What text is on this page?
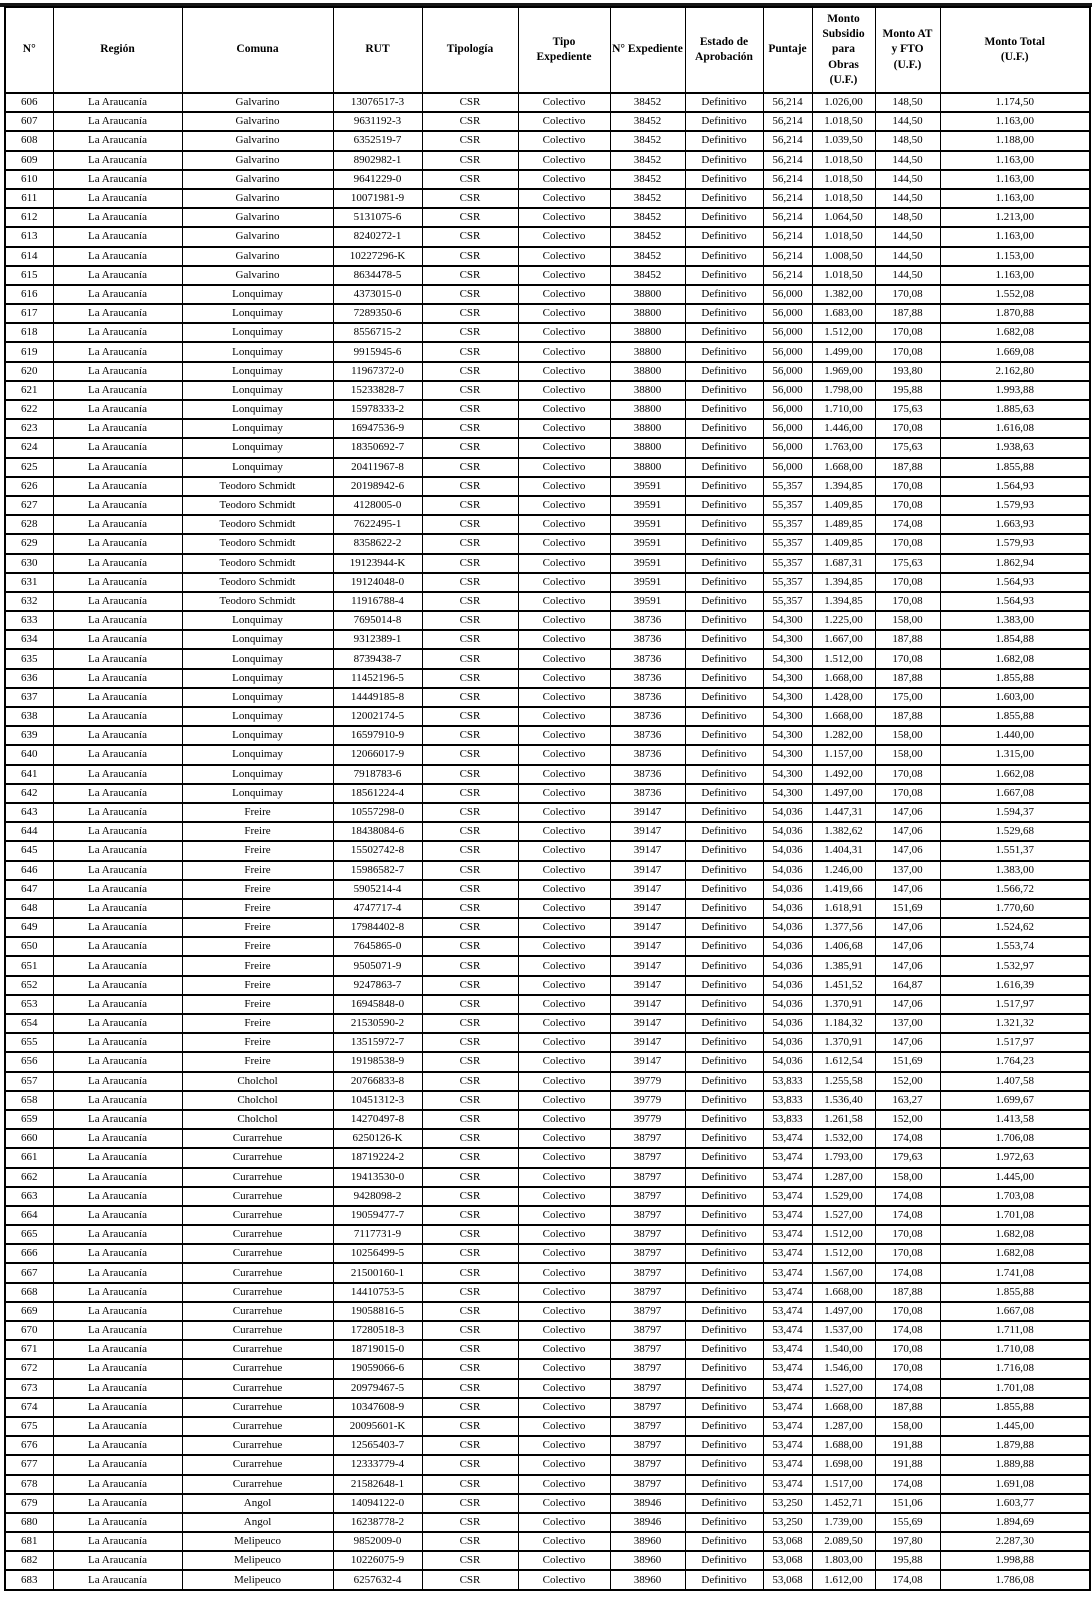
N°	Región	Comuna	RUT	Tipología	Tipo Expediente	N° Expediente	Estado de Aprobación	Puntaje	Monto Subsidio para Obras (U.F.)	Monto AT y FTO (U.F.)	Monto Total (U.F.)
606	La Araucanía	Galvarino	13076517-3	CSR	Colectivo	38452	Definitivo	56,214	1.026,00	148,50	1.174,50
607	La Araucanía	Galvarino	9631192-3	CSR	Colectivo	38452	Definitivo	56,214	1.018,50	144,50	1.163,00
608	La Araucanía	Galvarino	6352519-7	CSR	Colectivo	38452	Definitivo	56,214	1.039,50	148,50	1.188,00
609	La Araucanía	Galvarino	8902982-1	CSR	Colectivo	38452	Definitivo	56,214	1.018,50	144,50	1.163,00
610	La Araucanía	Galvarino	9641229-0	CSR	Colectivo	38452	Definitivo	56,214	1.018,50	144,50	1.163,00
611	La Araucanía	Galvarino	10071981-9	CSR	Colectivo	38452	Definitivo	56,214	1.018,50	144,50	1.163,00
612	La Araucanía	Galvarino	5131075-6	CSR	Colectivo	38452	Definitivo	56,214	1.064,50	148,50	1.213,00
613	La Araucanía	Galvarino	8240272-1	CSR	Colectivo	38452	Definitivo	56,214	1.018,50	144,50	1.163,00
614	La Araucanía	Galvarino	10227296-K	CSR	Colectivo	38452	Definitivo	56,214	1.008,50	144,50	1.153,00
615	La Araucanía	Galvarino	8634478-5	CSR	Colectivo	38452	Definitivo	56,214	1.018,50	144,50	1.163,00
616	La Araucanía	Lonquimay	4373015-0	CSR	Colectivo	38800	Definitivo	56,000	1.382,00	170,08	1.552,08
617	La Araucanía	Lonquimay	7289350-6	CSR	Colectivo	38800	Definitivo	56,000	1.683,00	187,88	1.870,88
618	La Araucanía	Lonquimay	8556715-2	CSR	Colectivo	38800	Definitivo	56,000	1.512,00	170,08	1.682,08
619	La Araucanía	Lonquimay	9915945-6	CSR	Colectivo	38800	Definitivo	56,000	1.499,00	170,08	1.669,08
620	La Araucanía	Lonquimay	11967372-0	CSR	Colectivo	38800	Definitivo	56,000	1.969,00	193,80	2.162,80
621	La Araucanía	Lonquimay	15233828-7	CSR	Colectivo	38800	Definitivo	56,000	1.798,00	195,88	1.993,88
622	La Araucanía	Lonquimay	15978333-2	CSR	Colectivo	38800	Definitivo	56,000	1.710,00	175,63	1.885,63
623	La Araucanía	Lonquimay	16947536-9	CSR	Colectivo	38800	Definitivo	56,000	1.446,00	170,08	1.616,08
624	La Araucanía	Lonquimay	18350692-7	CSR	Colectivo	38800	Definitivo	56,000	1.763,00	175,63	1.938,63
625	La Araucanía	Lonquimay	20411967-8	CSR	Colectivo	38800	Definitivo	56,000	1.668,00	187,88	1.855,88
626	La Araucanía	Teodoro Schmidt	20198942-6	CSR	Colectivo	39591	Definitivo	55,357	1.394,85	170,08	1.564,93
627	La Araucanía	Teodoro Schmidt	4128005-0	CSR	Colectivo	39591	Definitivo	55,357	1.409,85	170,08	1.579,93
628	La Araucanía	Teodoro Schmidt	7622495-1	CSR	Colectivo	39591	Definitivo	55,357	1.489,85	174,08	1.663,93
629	La Araucanía	Teodoro Schmidt	8358622-2	CSR	Colectivo	39591	Definitivo	55,357	1.409,85	170,08	1.579,93
630	La Araucanía	Teodoro Schmidt	19123944-K	CSR	Colectivo	39591	Definitivo	55,357	1.687,31	175,63	1.862,94
631	La Araucanía	Teodoro Schmidt	19124048-0	CSR	Colectivo	39591	Definitivo	55,357	1.394,85	170,08	1.564,93
632	La Araucanía	Teodoro Schmidt	11916788-4	CSR	Colectivo	39591	Definitivo	55,357	1.394,85	170,08	1.564,93
633	La Araucanía	Lonquimay	7695014-8	CSR	Colectivo	38736	Definitivo	54,300	1.225,00	158,00	1.383,00
634	La Araucanía	Lonquimay	9312389-1	CSR	Colectivo	38736	Definitivo	54,300	1.667,00	187,88	1.854,88
635	La Araucanía	Lonquimay	8739438-7	CSR	Colectivo	38736	Definitivo	54,300	1.512,00	170,08	1.682,08
636	La Araucanía	Lonquimay	11452196-5	CSR	Colectivo	38736	Definitivo	54,300	1.668,00	187,88	1.855,88
637	La Araucanía	Lonquimay	14449185-8	CSR	Colectivo	38736	Definitivo	54,300	1.428,00	175,00	1.603,00
638	La Araucanía	Lonquimay	12002174-5	CSR	Colectivo	38736	Definitivo	54,300	1.668,00	187,88	1.855,88
639	La Araucanía	Lonquimay	16597910-9	CSR	Colectivo	38736	Definitivo	54,300	1.282,00	158,00	1.440,00
640	La Araucanía	Lonquimay	12066017-9	CSR	Colectivo	38736	Definitivo	54,300	1.157,00	158,00	1.315,00
641	La Araucanía	Lonquimay	7918783-6	CSR	Colectivo	38736	Definitivo	54,300	1.492,00	170,08	1.662,08
642	La Araucanía	Lonquimay	18561224-4	CSR	Colectivo	38736	Definitivo	54,300	1.497,00	170,08	1.667,08
643	La Araucanía	Freire	10557298-0	CSR	Colectivo	39147	Definitivo	54,036	1.447,31	147,06	1.594,37
644	La Araucanía	Freire	18438084-6	CSR	Colectivo	39147	Definitivo	54,036	1.382,62	147,06	1.529,68
645	La Araucanía	Freire	15502742-8	CSR	Colectivo	39147	Definitivo	54,036	1.404,31	147,06	1.551,37
646	La Araucanía	Freire	15986582-7	CSR	Colectivo	39147	Definitivo	54,036	1.246,00	137,00	1.383,00
647	La Araucanía	Freire	5905214-4	CSR	Colectivo	39147	Definitivo	54,036	1.419,66	147,06	1.566,72
648	La Araucanía	Freire	4747717-4	CSR	Colectivo	39147	Definitivo	54,036	1.618,91	151,69	1.770,60
649	La Araucanía	Freire	17984402-8	CSR	Colectivo	39147	Definitivo	54,036	1.377,56	147,06	1.524,62
650	La Araucanía	Freire	7645865-0	CSR	Colectivo	39147	Definitivo	54,036	1.406,68	147,06	1.553,74
651	La Araucanía	Freire	9505071-9	CSR	Colectivo	39147	Definitivo	54,036	1.385,91	147,06	1.532,97
652	La Araucanía	Freire	9247863-7	CSR	Colectivo	39147	Definitivo	54,036	1.451,52	164,87	1.616,39
653	La Araucanía	Freire	16945848-0	CSR	Colectivo	39147	Definitivo	54,036	1.370,91	147,06	1.517,97
654	La Araucanía	Freire	21530590-2	CSR	Colectivo	39147	Definitivo	54,036	1.184,32	137,00	1.321,32
655	La Araucanía	Freire	13515972-7	CSR	Colectivo	39147	Definitivo	54,036	1.370,91	147,06	1.517,97
656	La Araucanía	Freire	19198538-9	CSR	Colectivo	39147	Definitivo	54,036	1.612,54	151,69	1.764,23
657	La Araucanía	Cholchol	20766833-8	CSR	Colectivo	39779	Definitivo	53,833	1.255,58	152,00	1.407,58
658	La Araucanía	Cholchol	10451312-3	CSR	Colectivo	39779	Definitivo	53,833	1.536,40	163,27	1.699,67
659	La Araucanía	Cholchol	14270497-8	CSR	Colectivo	39779	Definitivo	53,833	1.261,58	152,00	1.413,58
660	La Araucanía	Curarrehue	6250126-K	CSR	Colectivo	38797	Definitivo	53,474	1.532,00	174,08	1.706,08
661	La Araucanía	Curarrehue	18719224-2	CSR	Colectivo	38797	Definitivo	53,474	1.793,00	179,63	1.972,63
662	La Araucanía	Curarrehue	19413530-0	CSR	Colectivo	38797	Definitivo	53,474	1.287,00	158,00	1.445,00
663	La Araucanía	Curarrehue	9428098-2	CSR	Colectivo	38797	Definitivo	53,474	1.529,00	174,08	1.703,08
664	La Araucanía	Curarrehue	19059477-7	CSR	Colectivo	38797	Definitivo	53,474	1.527,00	174,08	1.701,08
665	La Araucanía	Curarrehue	7117731-9	CSR	Colectivo	38797	Definitivo	53,474	1.512,00	170,08	1.682,08
666	La Araucanía	Curarrehue	10256499-5	CSR	Colectivo	38797	Definitivo	53,474	1.512,00	170,08	1.682,08
667	La Araucanía	Curarrehue	21500160-1	CSR	Colectivo	38797	Definitivo	53,474	1.567,00	174,08	1.741,08
668	La Araucanía	Curarrehue	14410753-5	CSR	Colectivo	38797	Definitivo	53,474	1.668,00	187,88	1.855,88
669	La Araucanía	Curarrehue	19058816-5	CSR	Colectivo	38797	Definitivo	53,474	1.497,00	170,08	1.667,08
670	La Araucanía	Curarrehue	17280518-3	CSR	Colectivo	38797	Definitivo	53,474	1.537,00	174,08	1.711,08
671	La Araucanía	Curarrehue	18719015-0	CSR	Colectivo	38797	Definitivo	53,474	1.540,00	170,08	1.710,08
672	La Araucanía	Curarrehue	19059066-6	CSR	Colectivo	38797	Definitivo	53,474	1.546,00	170,08	1.716,08
673	La Araucanía	Curarrehue	20979467-5	CSR	Colectivo	38797	Definitivo	53,474	1.527,00	174,08	1.701,08
674	La Araucanía	Curarrehue	10347608-9	CSR	Colectivo	38797	Definitivo	53,474	1.668,00	187,88	1.855,88
675	La Araucanía	Curarrehue	20095601-K	CSR	Colectivo	38797	Definitivo	53,474	1.287,00	158,00	1.445,00
676	La Araucanía	Curarrehue	12565403-7	CSR	Colectivo	38797	Definitivo	53,474	1.688,00	191,88	1.879,88
677	La Araucanía	Curarrehue	12333779-4	CSR	Colectivo	38797	Definitivo	53,474	1.698,00	191,88	1.889,88
678	La Araucanía	Curarrehue	21582648-1	CSR	Colectivo	38797	Definitivo	53,474	1.517,00	174,08	1.691,08
679	La Araucanía	Angol	14094122-0	CSR	Colectivo	38946	Definitivo	53,250	1.452,71	151,06	1.603,77
680	La Araucanía	Angol	16238778-2	CSR	Colectivo	38946	Definitivo	53,250	1.739,00	155,69	1.894,69
681	La Araucanía	Melipeuco	9852009-0	CSR	Colectivo	38960	Definitivo	53,068	2.089,50	197,80	2.287,30
682	La Araucanía	Melipeuco	10226075-9	CSR	Colectivo	38960	Definitivo	53,068	1.803,00	195,88	1.998,88
683	La Araucanía	Melipeuco	6257632-4	CSR	Colectivo	38960	Definitivo	53,068	1.612,00	174,08	1.786,08
